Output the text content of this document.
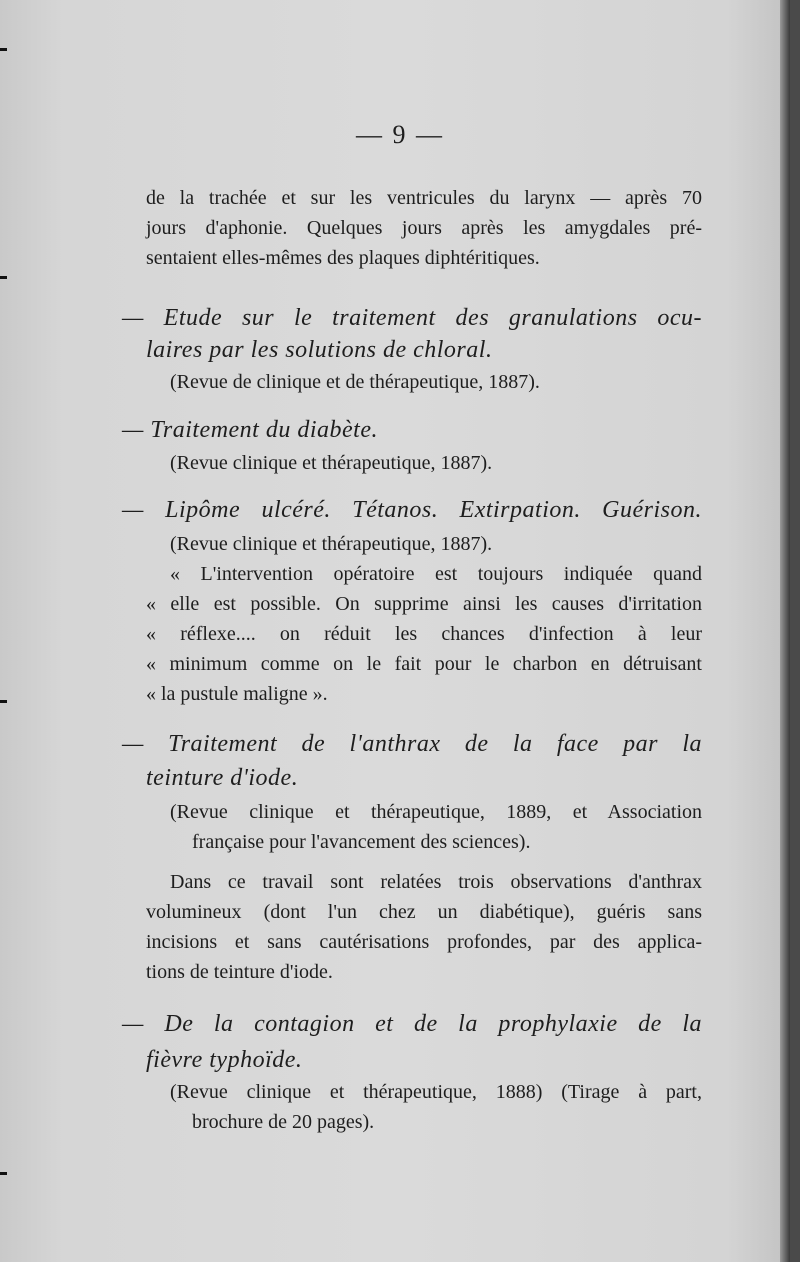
— 9 —
de la trachée et sur les ventricules du larynx — après 70
jours d'aphonie. Quelques jours après les amygdales pré-
sentaient elles-mêmes des plaques diphtéritiques.
— Etude sur le traitement des granulations ocu-
laires par les solutions de chloral.
(Revue de clinique et de thérapeutique, 1887).
— Traitement du diabète.
(Revue clinique et thérapeutique, 1887).
— Lipôme ulcéré. Tétanos. Extirpation. Guérison.
(Revue clinique et thérapeutique, 1887).
« L'intervention opératoire est toujours indiquée quand
« elle est possible. On supprime ainsi les causes d'irritation
« réflexe.... on réduit les chances d'infection à leur
« minimum comme on le fait pour le charbon en détruisant
« la pustule maligne ».
— Traitement de l'anthrax de la face par la
teinture d'iode.
(Revue clinique et thérapeutique, 1889, et Association
française pour l'avancement des sciences).
Dans ce travail sont relatées trois observations d'anthrax
volumineux (dont l'un chez un diabétique), guéris sans
incisions et sans cautérisations profondes, par des applica-
tions de teinture d'iode.
— De la contagion et de la prophylaxie de la
fièvre typhoïde.
(Revue clinique et thérapeutique, 1888) (Tirage à part,
brochure de 20 pages).
